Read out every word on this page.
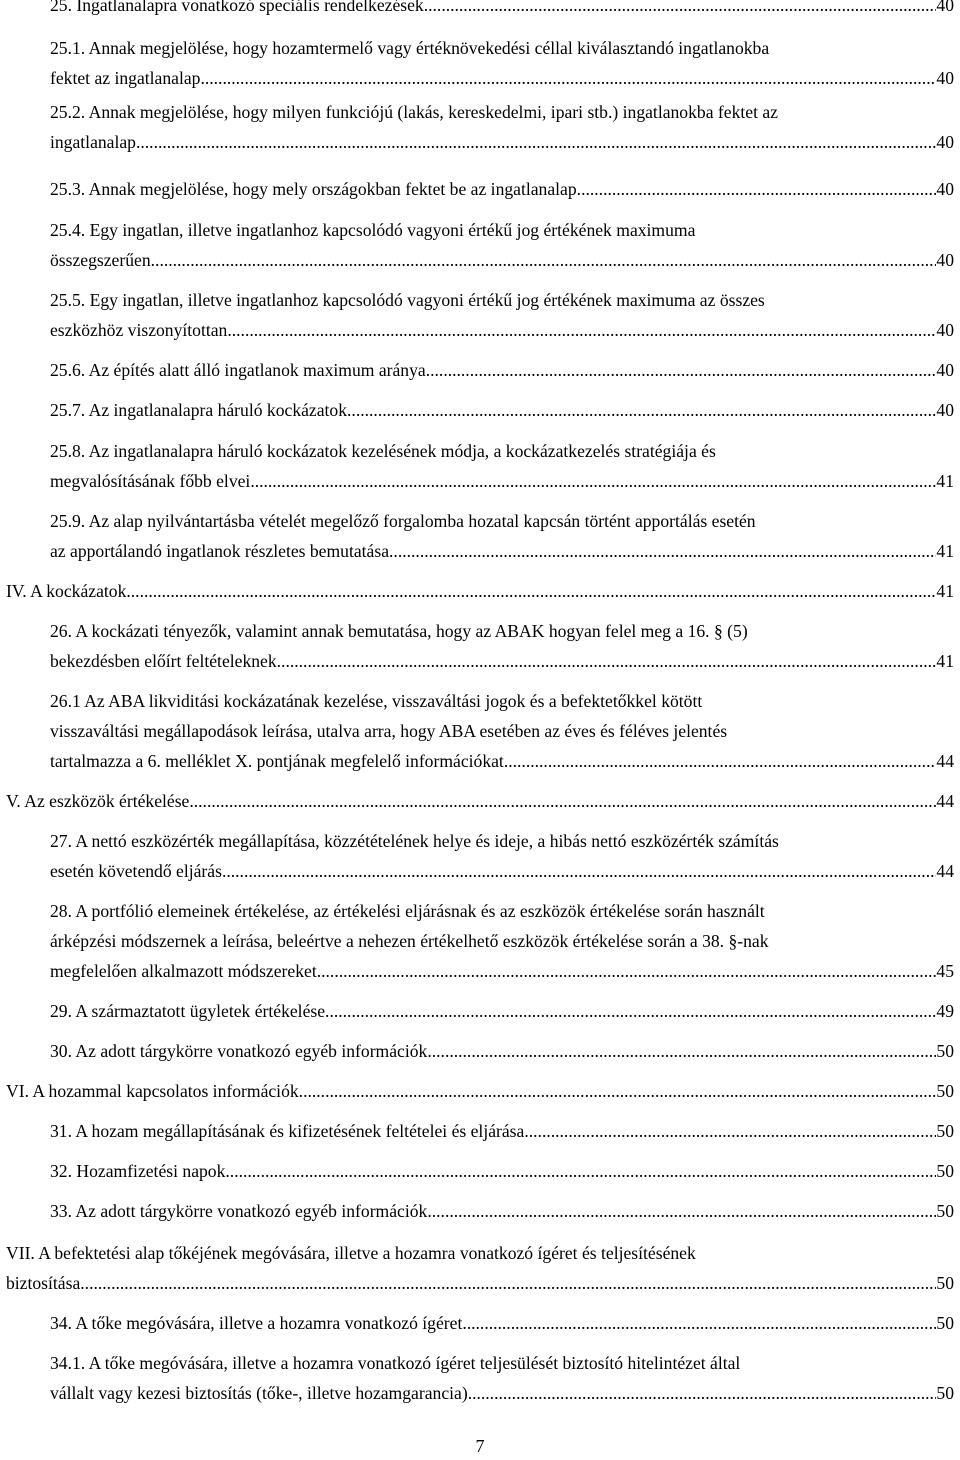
25. Ingatlanalapra vonatkozó speciális rendelkezések .....	40
25.1. Annak megjelölése, hogy hozamtermelő vagy értéknövekedési céllal kiválasztandó ingatlanokba
fektet az ingatlanalap .....	40
25.2. Annak megjelölése, hogy milyen funkciójú (lakás, kereskedelmi, ipari stb.) ingatlanokba fektet az
ingatlanalap .....	40
25.3. Annak megjelölése, hogy mely országokban fektet be az ingatlanalap .....	40
25.4. Egy ingatlan, illetve ingatlanhoz kapcsolódó vagyoni értékű jog értékének maximuma
összegszerűen .....	40
25.5. Egy ingatlan, illetve ingatlanhoz kapcsolódó vagyoni értékű jog értékének maximuma az összes
eszközhöz viszonyítottan .....	40
25.6. Az építés alatt álló ingatlanok maximum aránya .....	40
25.7. Az ingatlanalapra háruló kockázatok .....	40
25.8. Az ingatlanalapra háruló kockázatok kezelésének módja, a kockázatkezelés stratégiája és
megvalósításának főbb elvei .....	41
25.9. Az alap nyilvántartásba vételét megelőző forgalomba hozatal kapcsán történt apportálás esetén
az apportálandó ingatlanok részletes bemutatása .....	41
IV. A kockázatok .....	41
26. A kockázati tényezők, valamint annak bemutatása, hogy az ABAK hogyan felel meg a 16. § (5)
bekezdésben előírt feltételeknek .....	41
26.1 Az ABA likviditási kockázatának kezelése, visszaváltási jogok és a befektetőkkel kötött
visszaváltási megállapodások leírása, utalva arra, hogy ABA esetében az éves és féléves jelentés
tartalmazza a 6. melléklet X. pontjának megfelelő információkat .....	44
V. Az eszközök értékelése .....	44
27. A nettó eszközérték megállapítása, közzétételének helye és ideje, a hibás nettó eszközérték számítás
esetén követendő eljárás .....	44
28. A portfólió elemeinek értékelése, az értékelési eljárásnak és az eszközök értékelése során használt
árképzési módszernek a leírása, beleértve a nehezen értékelhető eszközök értékelése során a 38. §-nak
megfelelően alkalmazott módszereket .....	45
29. A származtatott ügyletek értékelése .....	49
30. Az adott tárgykörre vonatkozó egyéb információk .....	50
VI. A hozammal kapcsolatos információk .....	50
31. A hozam megállapításának és kifizetésének feltételei és eljárása .....	50
32. Hozamfizetési napok .....	50
33. Az adott tárgykörre vonatkozó egyéb információk .....	50
VII. A befektetési alap tőkéjének megóvására, illetve a hozamra vonatkozó ígéret és teljesítésének
biztosítása .....	50
34. A tőke megóvására, illetve a hozamra vonatkozó ígéret .....	50
34.1. A tőke megóvására, illetve a hozamra vonatkozó ígéret teljesülését biztosító hitelintézet által
vállalt vagy kezesi biztosítás (tőke-, illetve hozamgarancia) .....	50
7
